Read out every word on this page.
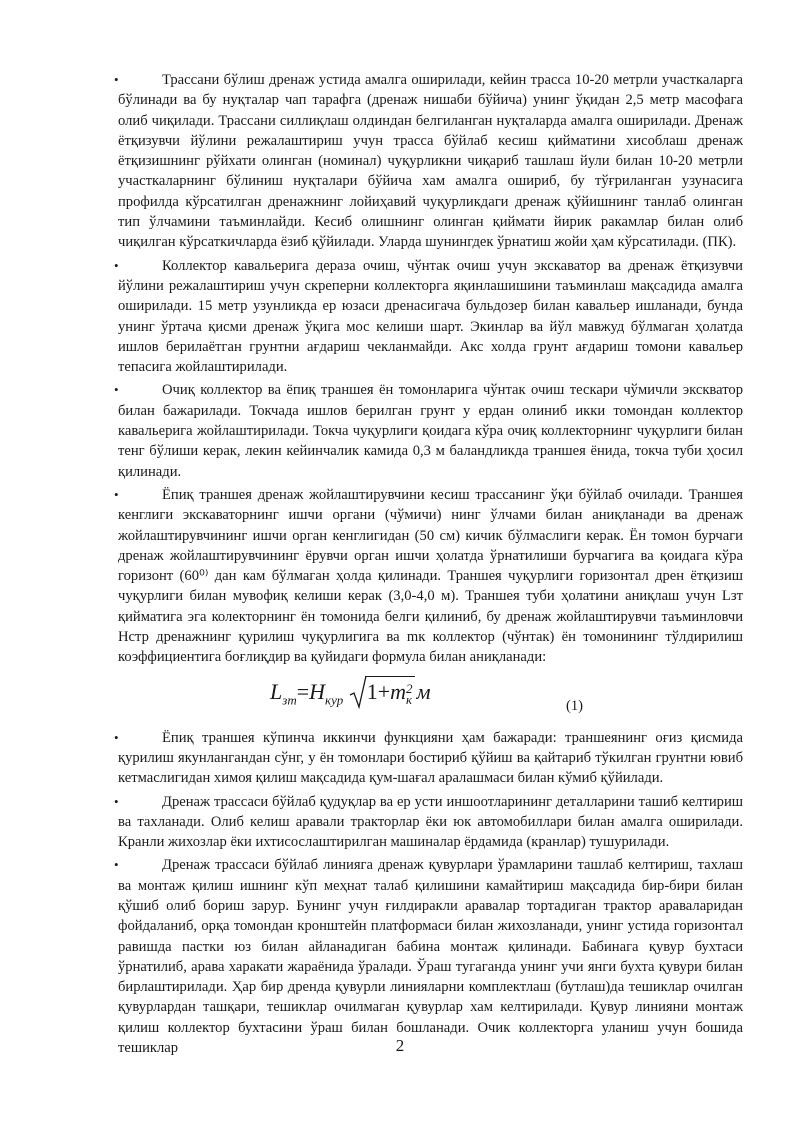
•	Трассани бўлиш дренаж устида амалга оширилади, кейин трасса 10-20 метрли участкаларга бўлинади ва бу нуқталар чап тарафга (дренаж нишаби бўйича) унинг ўқидан 2,5 метр масофага олиб чиқилади. Трассани силлиқлаш олдиндан белгиланган нуқталарда амалга оширилади. Дренаж ётқизувчи йўлини режалаштириш учун трасса бўйлаб кесиш қийматини хисоблаш дренаж ётқизишнинг рўйхати олинган (номинал) чуқурликни чиқариб ташлаш йули билан 10-20 метрли участкаларнинг бўлиниш нуқталари бўйича хам амалга ошириб, бу тўғриланган узунасига профилда кўрсатилган дренажнинг лойиҳавий чуқурликдаги дренаж қўйишнинг танлаб олинган тип ўлчамини таъминлайди. Кесиб олишнинг олинган қиймати йирик ракамлар билан олиб чиқилган кўрсаткичларда ёзиб қўйилади. Уларда шунингдек ўрнатиш жойи ҳам кўрсатилади. (ПК).

•	Коллектор кавальерига дераза очиш, чўнтак очиш учун экскаватор ва дренаж ётқизувчи йўлини режалаштириш учун скреперни коллекторга яқинлашишини таъминлаш мақсадида амалга оширилади. 15 метр узунликда ер юзаси дренасигача бульдозер билан кавальер ишланади, бунда унинг ўртача қисми дренаж ўқига мос келиши шарт. Экинлар ва йўл мавжуд бўлмаган ҳолатда ишлов берилаётган грунтни ағдариш чекланмайди. Акс холда грунт ағдариш томони кавальер тепасига жойлаштирилади.

•	Очиқ коллектор ва ёпиқ траншея ён томонларига чўнтак очиш тескари чўмичли экскватор билан бажарилади. Токчада ишлов берилган грунт у ердан олиниб икки томондан коллектор кавальерига жойлаштирилади. Токча чуқурлиги қоидага кўра очиқ коллекторнинг чуқурлиги билан тенг бўлиши керак, лекин кейинчалик камида 0,3 м баландликда траншея ёнида, токча туби ҳосил қилинади.

•	Ёпиқ траншея дренаж жойлаштирувчини кесиш трассанинг ўқи бўйлаб очилади. Траншея кенглиги экскаваторнинг ишчи органи (чўмичи) нинг ўлчами билан аниқланади ва дренаж жойлаштирувчининг ишчи орган кенглигидан (50 см) кичик бўлмаслиги керак. Ён томон бурчаги дренаж жойлаштирувчининг ёрувчи орган ишчи ҳолатда ўрнатилиши бурчагига ва қоидага кўра горизонт (60⁰⁾ дан кам бўлмаган ҳолда қилинади. Траншея чуқурлиги горизонтал дрен ётқизиш чуқурлиги билан мувофиқ келиши керак (3,0-4,0 м). Траншея туби ҳолатини аниқлаш учун Lзт қийматига эга колекторнинг ён томонида белги қилиниб, бу дренаж жойлаштирувчи таъминловчи Нстр дренажнинг қурилиш чуқурлигига ва mк коллектор (чўнтак) ён томонининг тўлдирилиш коэффициентига боғлиқдир ва қуйидаги формула билан аниқланади:

$L_{зт}=H_{кур}$ 1+m 2
к м
(1)

•	Ёпиқ траншея кўпинча иккинчи функцияни ҳам бажаради: траншеянинг оғиз қисмида қурилиш якунлангандан сўнг, у ён томонлари бостириб қўйиш ва қайтариб тўкилган грунтни ювиб кетмаслигидан химоя қилиш мақсадида қум-шағал аралашмаси билан кўмиб қўйилади.

•	Дренаж трассаси бўйлаб қудуқлар ва ер усти иншоотларининг деталларини ташиб келтириш ва тахланади. Олиб келиш аравали тракторлар ёки юк автомобиллари билан амалга оширилади. Кранли жихозлар ёки ихтисослаштирилган машиналар ёрдамида (кранлар) тушурилади.

•	Дренаж трассаси бўйлаб линияга дренаж қувурлари ўрамларини ташлаб келтириш, тахлаш ва монтаж қилиш ишнинг кўп меҳнат талаб қилишини камайтириш мақсадида бир-бири билан қўшиб олиб бориш зарур. Бунинг учун ғилдиракли аравалар тортадиган трактор араваларидан фойдаланиб, орқа томондан кронштейн платформаси билан жихозланади, унинг устида горизонтал равишда пастки юз билан айланадиган бабина монтаж қилинади. Бабинага қувур бухтаси ўрнатилиб, арава харакати жараёнида ўралади. Ўраш тугаганда унинг учи янги бухта қувури билан бирлаштирилади. Ҳар бир дренда қувурли линияларни комплектлаш (бутлаш)да тешиклар очилган қувурлардан ташқари, тешиклар очилмаган қувурлар хам келтирилади. Қувур линияни монтаж қилиш коллектор бухтасини ўраш билан бошланади. Очик коллекторга уланиш учун бошида тешиклар	2
